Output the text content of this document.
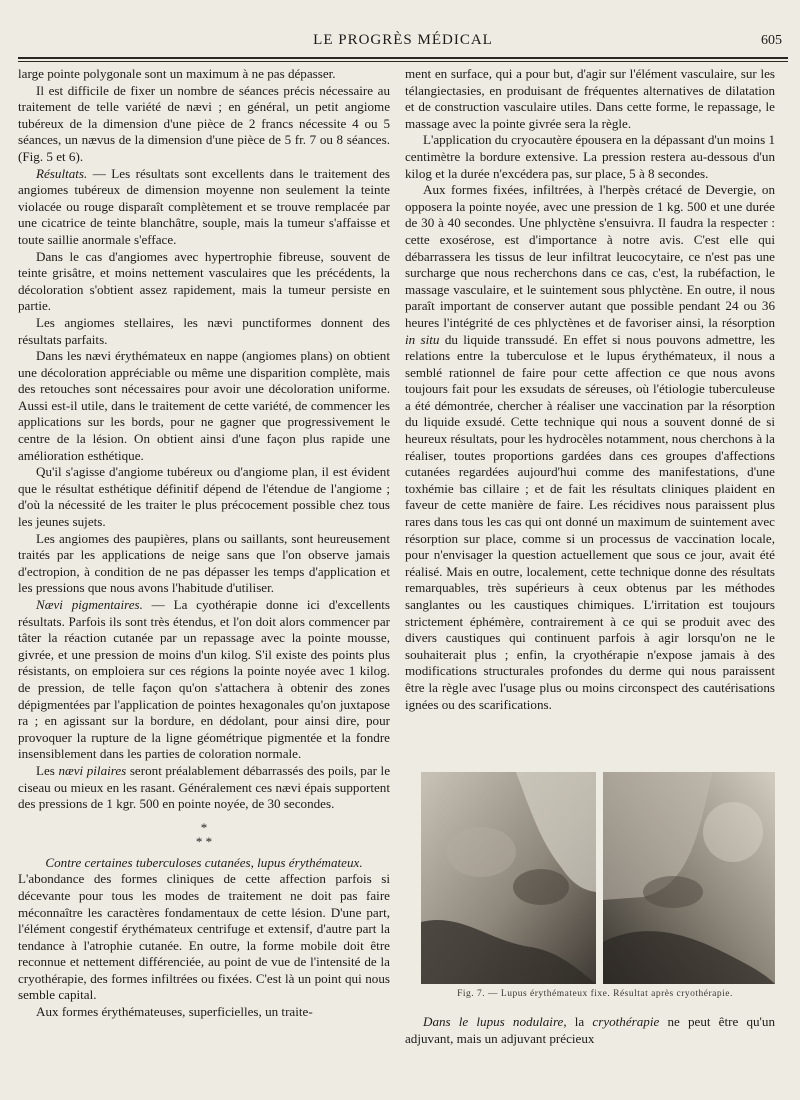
LE PROGRÈS MÉDICAL	605

large pointe polygonale sont un maximum à ne pas dépasser.

Il est difficile de fixer un nombre de séances précis nécessaire au traitement de telle variété de nævi ; en général, un petit angiome tubéreux de la dimension d'une pièce de 2 francs nécessite 4 ou 5 séances, un nævus de la dimension d'une pièce de 5 fr. 7 ou 8 séances. (Fig. 5 et 6).

Résultats. — Les résultats sont excellents dans le traitement des angiomes tubéreux de dimension moyenne non seulement la teinte violacée ou rouge disparaît complètement et se trouve remplacée par une cicatrice de teinte blanchâtre, souple, mais la tumeur s'affaisse et toute saillie anormale s'efface.

Dans le cas d'angiomes avec hypertrophie fibreuse, souvent de teinte grisâtre, et moins nettement vasculaires que les précédents, la décoloration s'obtient assez rapidement, mais la tumeur persiste en partie.

Les angiomes stellaires, les nævi punctiformes donnent des résultats parfaits.

Dans les nævi érythémateux en nappe (angiomes plans) on obtient une décoloration appréciable ou même une disparition complète, mais des retouches sont nécessaires pour avoir une décoloration uniforme. Aussi est-il utile, dans le traitement de cette variété, de commencer les applications sur les bords, pour ne gagner que progressivement le centre de la lésion. On obtient ainsi d'une façon plus rapide une amélioration esthétique.

Qu'il s'agisse d'angiome tubéreux ou d'angiome plan, il est évident que le résultat esthétique définitif dépend de l'étendue de l'angiome ; d'où la nécessité de les traiter le plus précocement possible chez tous les jeunes sujets.

Les angiomes des paupières, plans ou saillants, sont heureusement traités par les applications de neige sans que l'on observe jamais d'ectropion, à condition de ne pas dépasser les temps d'application et les pressions que nous avons l'habitude d'utiliser.

Nævi pigmentaires. — La cyothérapie donne ici d'excellents résultats. Parfois ils sont très étendus, et l'on doit alors commencer par tâter la réaction cutanée par un repassage avec la pointe mousse, givrée, et une pression de moins d'un kilog. S'il existe des points plus résistants, on emploiera sur ces régions la pointe noyée avec 1 kilog. de pression, de telle façon qu'on s'attachera à obtenir des zones dépigmentées par l'application de pointes hexagonales qu'on juxtapose ra ; en agissant sur la bordure, en dédolant, pour ainsi dire, pour provoquer la rupture de la ligne géométrique pigmentée et la fondre insensiblement dans les parties de coloration normale.

Les nævi pilaires seront préalablement débarrassés des poils, par le ciseau ou mieux en les rasant. Généralement ces nævi épais supportent des pressions de 1 kgr. 500 en pointe noyée, de 30 secondes.

*
* *

Contre certaines tuberculoses cutanées, lupus érythémateux.

L'abondance des formes cliniques de cette affection parfois si décevante pour tous les modes de traitement ne doit pas faire méconnaître les caractères fondamentaux de cette lésion. D'une part, l'élément congestif érythémateux centrifuge et extensif, d'autre part la tendance à l'atrophie cutanée. En outre, la forme mobile doit être reconnue et nettement différenciée, au point de vue de l'intensité de la cryothérapie, des formes infiltrées ou fixées. C'est là un point qui nous semble capital.

Aux formes érythémateuses, superficielles, un traite-

ment en surface, qui a pour but, d'agir sur l'élément vasculaire, sur les télangiectasies, en produisant de fréquentes alternatives de dilatation et de construction vasculaire utiles. Dans cette forme, le repassage, le massage avec la pointe givrée sera la règle.

L'application du cryocautère épousera en la dépassant d'un moins 1 centimètre la bordure extensive. La pression restera au-dessous d'un kilog et la durée n'excédera pas, sur place, 5 à 8 secondes.

Aux formes fixées, infiltrées, à l'herpès crétacé de Devergie, on opposera la pointe noyée, avec une pression de 1 kg. 500 et une durée de 30 à 40 secondes. Une phlyctène s'ensuivra. Il faudra la respecter : cette exosérose, est d'importance à notre avis. C'est elle qui débarrassera les tissus de leur infiltrat leucocytaire, ce n'est pas une surcharge que nous recherchons dans ce cas, c'est, la rubéfaction, le massage vasculaire, et le suintement sous phlyctène. En outre, il nous paraît important de conserver autant que possible pendant 24 ou 36 heures l'intégrité de ces phlyctènes et de favoriser ainsi, la résorption in situ du liquide transsudé. En effet si nous pouvons admettre, les relations entre la tuberculose et le lupus érythémateux, il nous a semblé rationnel de faire pour cette affection ce que nous avons toujours fait pour les exsudats de séreuses, où l'étiologie tuberculeuse a été démontrée, chercher à réaliser une vaccination par la résorption du liquide exsudé. Cette technique qui nous a souvent donné de si heureux résultats, pour les hydrocèles notamment, nous cherchons à la réaliser, toutes proportions gardées dans ces groupes d'affections cutanées regardées aujourd'hui comme des manifestations, d'une toxhémie bas cillaire ; et de fait les résultats cliniques plaident en faveur de cette manière de faire. Les récidives nous paraissent plus rares dans tous les cas qui ont donné un maximum de suintement avec résorption sur place, comme si un processus de vaccination locale, pour n'envisager la question actuellement que sous ce jour, avait été réalisé. Mais en outre, localement, cette technique donne des résultats remarquables, très supérieurs à ceux obtenus par les méthodes sanglantes ou les caustiques chimiques. L'irritation est toujours strictement éphémère, contrairement à ce qui se produit avec des divers caustiques qui continuent parfois à agir lorsqu'on ne le souhaiterait plus ; enfin, la cryothérapie n'expose jamais à des modifications structurales profondes du derme qui nous paraissent être la règle avec l'usage plus ou moins circonspect des cautérisations ignées ou des scarifications.

Fig. 7. — Lupus érythémateux fixe. Résultat après cryothérapie.

Dans le lupus nodulaire, la cryothérapie ne peut être qu'un adjuvant, mais un adjuvant précieux
